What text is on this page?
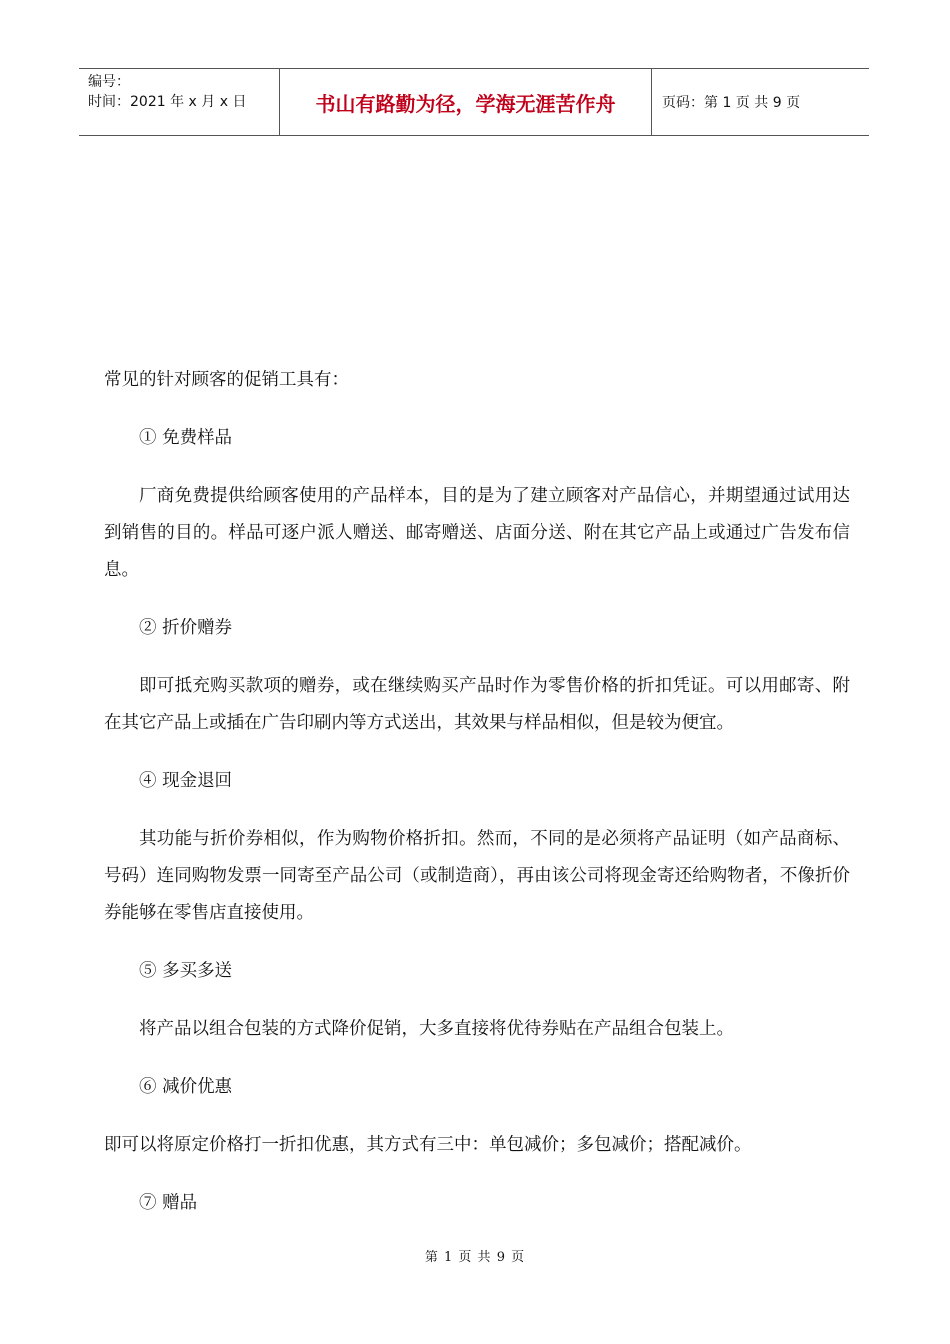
编号：
时间：2021 年 x 月 x 日	书山有路勤为径，学海无涯苦作舟	页码：第 1 页 共 9 页

常见的针对顾客的促销工具有：

① 免费样品

厂商免费提供给顾客使用的产品样本，目的是为了建立顾客对产品信心，并期望通过试用达到销售的目的。样品可逐户派人赠送、邮寄赠送、店面分送、附在其它产品上或通过广告发布信息。

② 折价赠券

即可抵充购买款项的赠券，或在继续购买产品时作为零售价格的折扣凭证。可以用邮寄、附在其它产品上或插在广告印刷内等方式送出，其效果与样品相似，但是较为便宜。

④ 现金退回

其功能与折价券相似，作为购物价格折扣。然而，不同的是必须将产品证明（如产品商标、号码）连同购物发票一同寄至产品公司（或制造商），再由该公司将现金寄还给购物者，不像折价券能够在零售店直接使用。

⑤ 多买多送

将产品以组合包装的方式降价促销，大多直接将优待券贴在产品组合包装上。

⑥ 减价优惠

即可以将原定价格打一折扣优惠，其方式有三中：单包减价；多包减价；搭配减价。

⑦ 赠品

第 1 页 共 9 页
